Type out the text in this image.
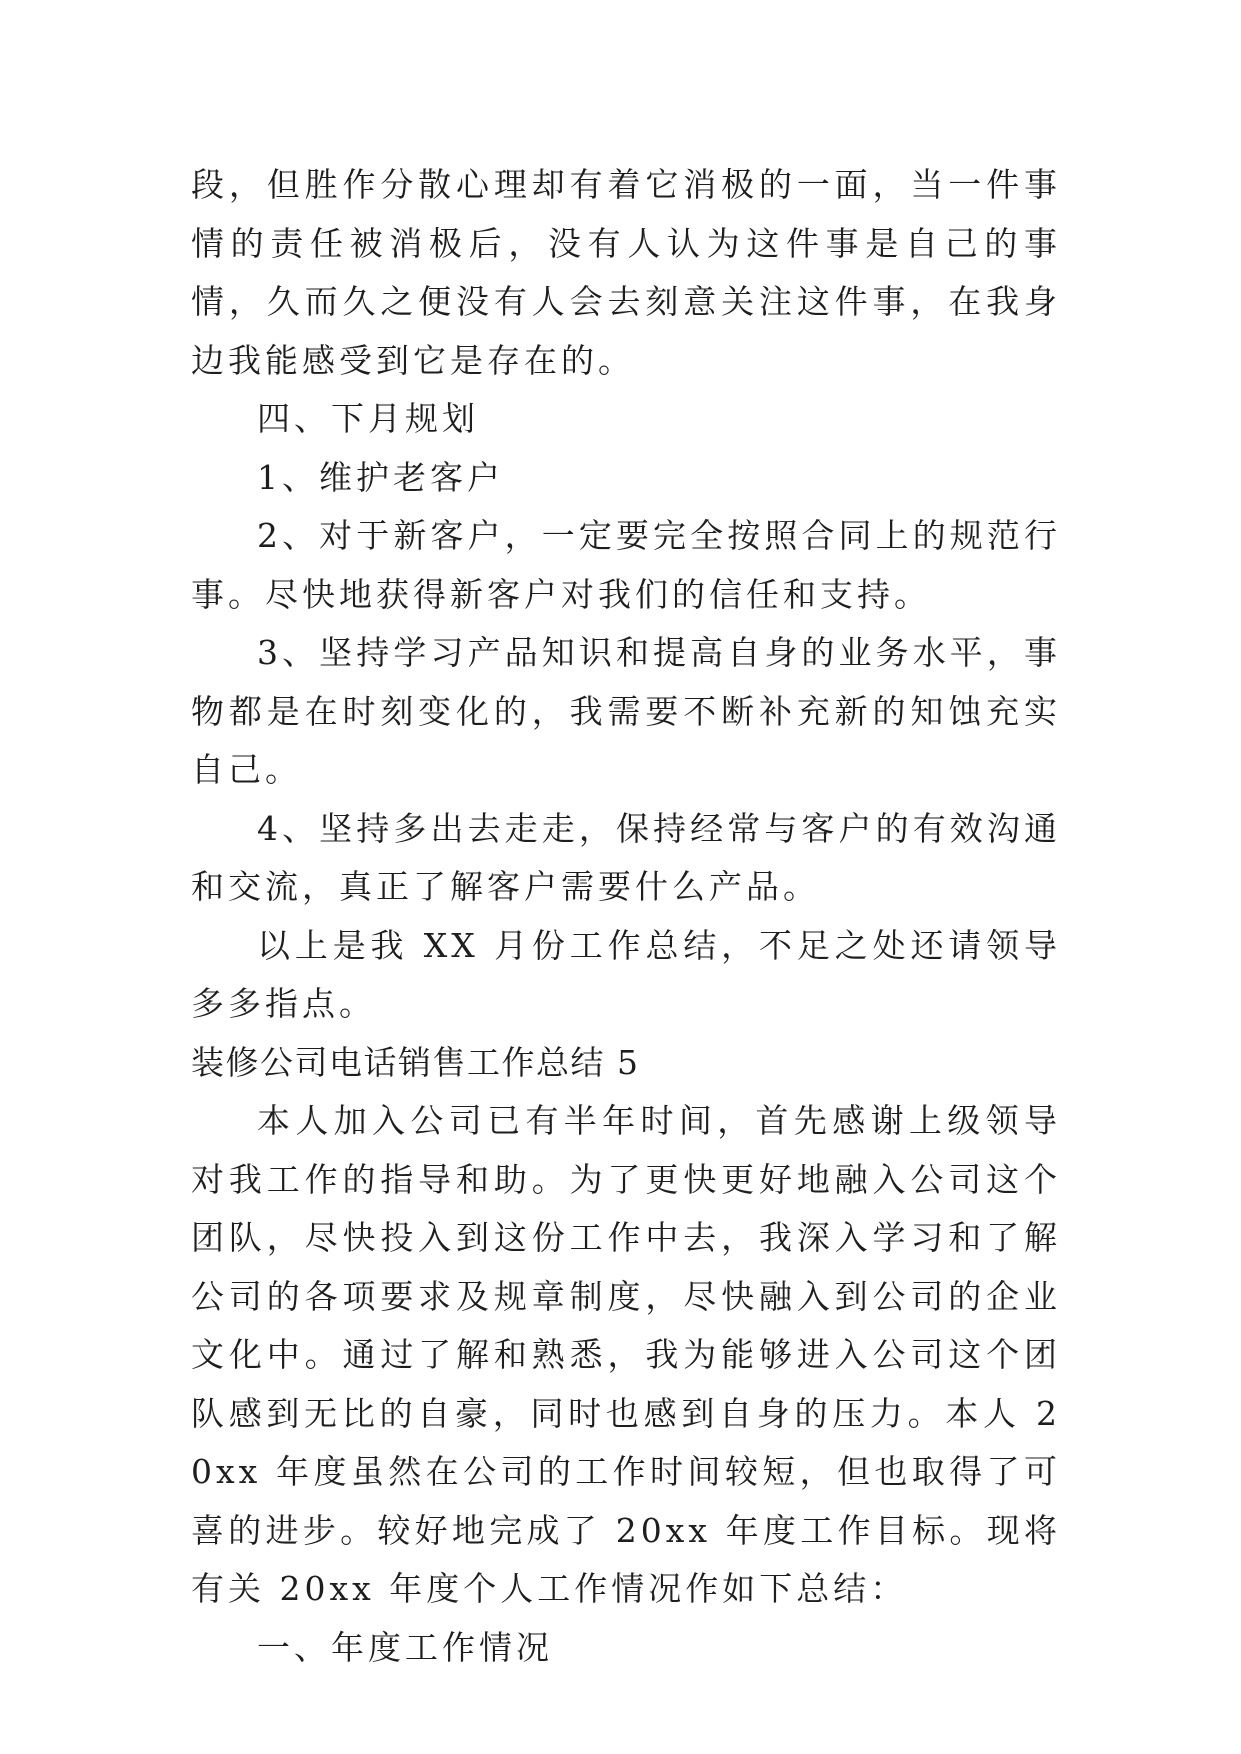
段，但胜作分散心理却有着它消极的一面，当一件事情的责任被消极后，没有人认为这件事是自己的事情，久而久之便没有人会去刻意关注这件事，在我身边我能感受到它是存在的。

四、下月规划

1、维护老客户

2、对于新客户，一定要完全按照合同上的规范行事。尽快地获得新客户对我们的信任和支持。

3、坚持学习产品知识和提高自身的业务水平，事物都是在时刻变化的，我需要不断补充新的知蚀充实自己。

4、坚持多出去走走，保持经常与客户的有效沟通和交流，真正了解客户需要什么产品。

以上是我 XX 月份工作总结，不足之处还请领导多多指点。

装修公司电话销售工作总结 5

本人加入公司已有半年时间，首先感谢上级领导对我工作的指导和助。为了更快更好地融入公司这个团队，尽快投入到这份工作中去，我深入学习和了解公司的各项要求及规章制度，尽快融入到公司的企业文化中。通过了解和熟悉，我为能够进入公司这个团队感到无比的自豪，同时也感到自身的压力。本人 20xx 年度虽然在公司的工作时间较短，但也取得了可喜的进步。较好地完成了 20xx 年度工作目标。现将有关 20xx 年度个人工作情况作如下总结：

一、年度工作情况
